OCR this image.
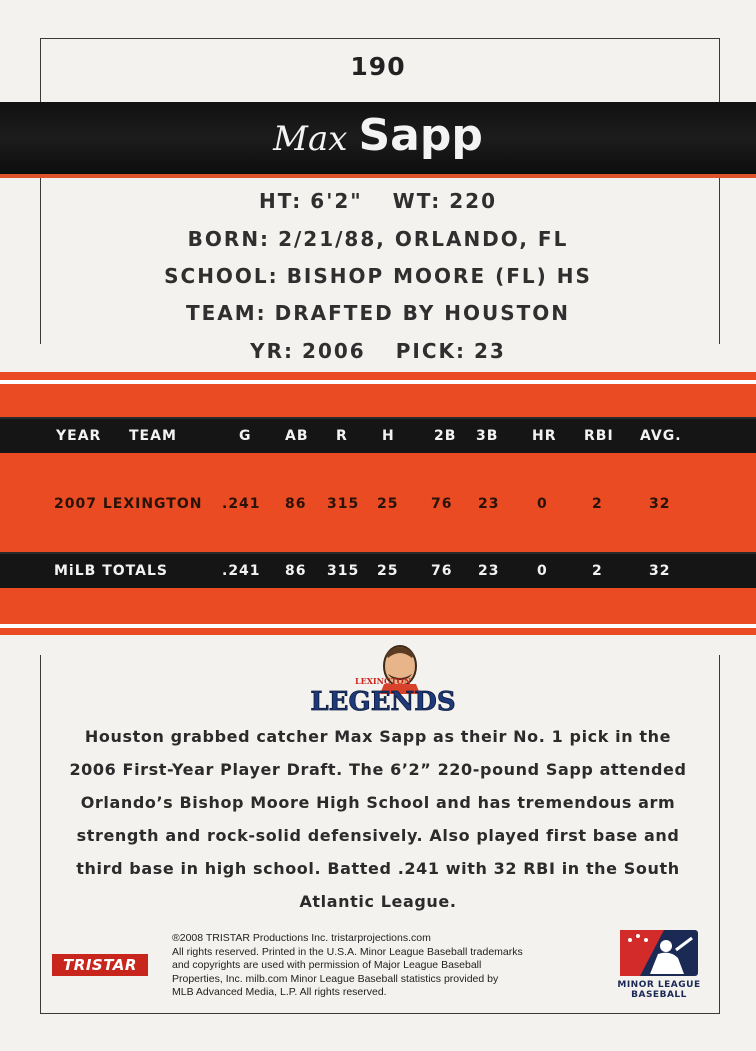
190
Max Sapp
HT: 6'2" WT: 220
BORN: 2/21/88, ORLANDO, FL
SCHOOL: BISHOP MOORE (FL) HS
TEAM: DRAFTED BY HOUSTON
YR: 2006 PICK: 23
YEAR TEAM	G AB R H	2B 3B HR RBI AVG.
2007 LEXINGTON .241 86 315 25 76 23	0	2	32
MiLB TOTALS	.241 86 315 25 76 23	0	2	32
LEXINGTON
LEGENDS
Houston grabbed catcher Max Sapp as their No. 1 pick in the
2006 First-Year Player Draft. The 6’2” 220-pound Sapp attended
Orlando’s Bishop Moore High School and has tremendous arm
strength and rock-solid defensively. Also played first base and
third base in high school. Batted .241 with 32 RBI in the South
Atlantic League.
TRISTAR
®2008 TRISTAR Productions Inc. tristarprojections.com
All rights reserved. Printed in the U.S.A. Minor League Baseball trademarks
and copyrights are used with permission of Major League Baseball
Properties, Inc. milb.com Minor League Baseball statistics provided by
MLB Advanced Media, L.P. All rights reserved.
MINOR LEAGUE
BASEBALL
